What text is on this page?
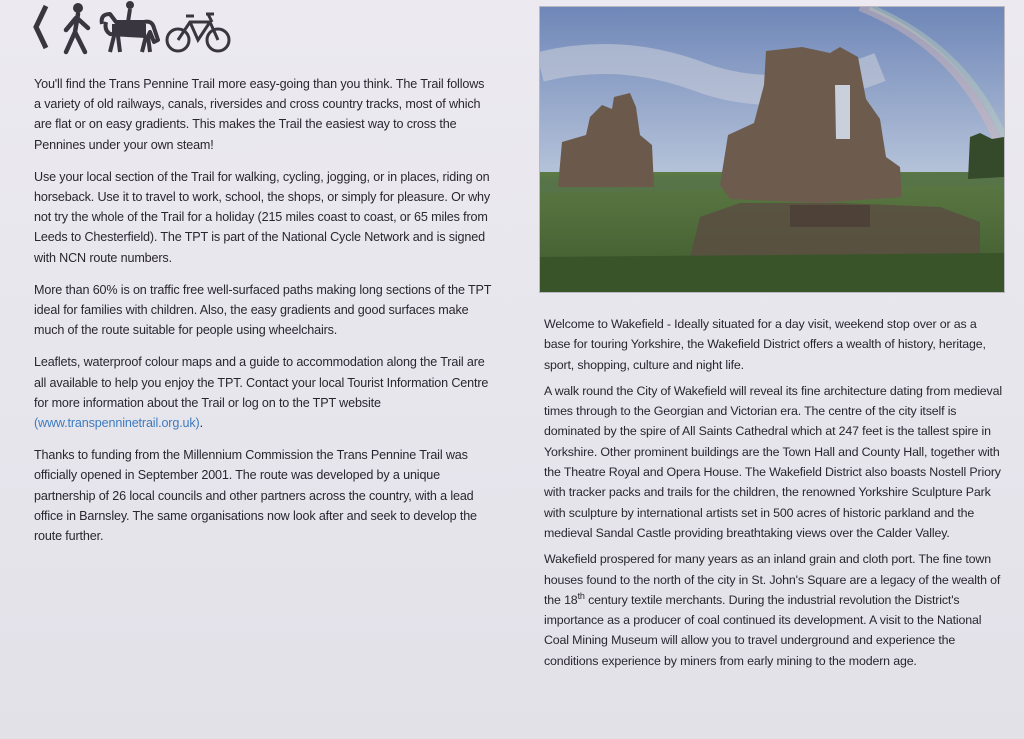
You'll find the Trans Pennine Trail more easy-going than you think. The Trail follows a variety of old railways, canals, riversides and cross country tracks, most of which are flat or on easy gradients. This makes the Trail the easiest way to cross the Pennines under your own steam!

Use your local section of the Trail for walking, cycling, jogging, or in places, riding on horseback. Use it to travel to work, school, the shops, or simply for pleasure. Or why not try the whole of the Trail for a holiday (215 miles coast to coast, or 65 miles from Leeds to Chesterfield). The TPT is part of the National Cycle Network and is signed with NCN route numbers.

More than 60% is on traffic free well-surfaced paths making long sections of the TPT ideal for families with children. Also, the easy gradients and good surfaces make much of the route suitable for people using wheelchairs.

Leaflets, waterproof colour maps and a guide to accommodation along the Trail are all available to help you enjoy the TPT. Contact your local Tourist Information Centre for more information about the Trail or log on to the TPT website (www.transpenninetrail.org.uk).

Thanks to funding from the Millennium Commission the Trans Pennine Trail was officially opened in September 2001. The route was developed by a unique partnership of 26 local councils and other partners across the country, with a lead office in Barnsley. The same organisations now look after and seek to develop the route further.

Welcome to Wakefield - Ideally situated for a day visit, weekend stop over or as a base for touring Yorkshire, the Wakefield District offers a wealth of history, heritage, sport, shopping, culture and night life.

A walk round the City of Wakefield will reveal its fine architecture dating from medieval times through to the Georgian and Victorian era. The centre of the city itself is dominated by the spire of All Saints Cathedral which at 247 feet is the tallest spire in Yorkshire. Other prominent buildings are the Town Hall and County Hall, together with the Theatre Royal and Opera House. The Wakefield District also boasts Nostell Priory with tracker packs and trails for the children, the renowned Yorkshire Sculpture Park with sculpture by international artists set in 500 acres of historic parkland and the medieval Sandal Castle providing breathtaking views over the Calder Valley.

Wakefield prospered for many years as an inland grain and cloth port. The fine town houses found to the north of the city in St. John's Square are a legacy of the wealth of the 18th century textile merchants. During the industrial revolution the District's importance as a producer of coal continued its development. A visit to the National Coal Mining Museum will allow you to travel underground and experience the conditions experience by miners from early mining to the modern age.
